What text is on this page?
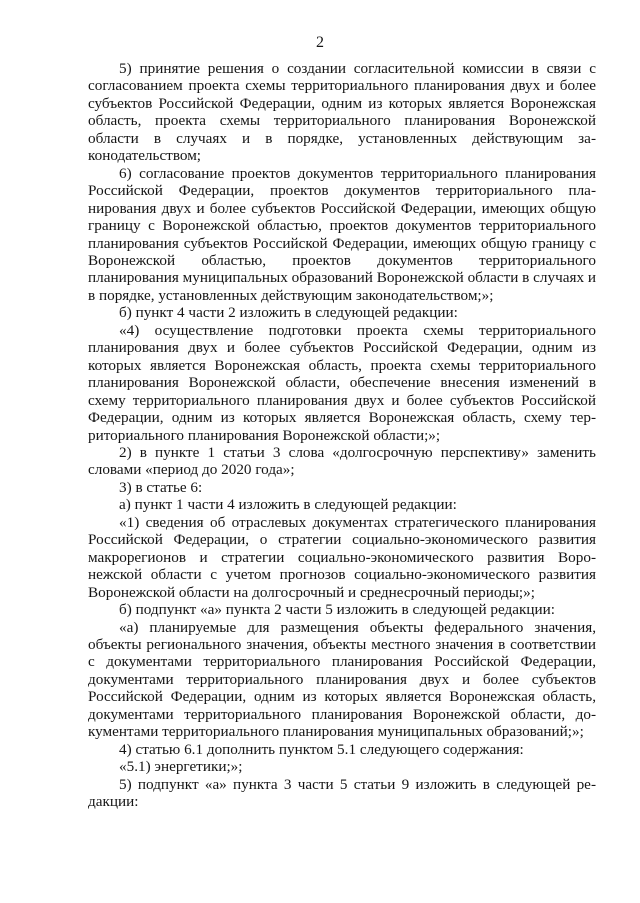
2

5) принятие решения о создании согласительной комиссии в связи с согласованием проекта схемы территориального планирования двух и более субъектов Российской Федерации, одним из которых является Воронежская область, проекта схемы территориального планирования Воронежской области в случаях и в порядке, установленных действующим законодательством;

6) согласование проектов документов территориального планирования Российской Федерации, проектов документов территориального планирования двух и более субъектов Российской Федерации, имеющих общую границу с Воронежской областью, проектов документов территориального планирования субъектов Российской Федерации, имеющих общую границу с Воронежской областью, проектов документов территориального планирования муниципальных образований Воронежской области в случаях и в порядке, установленных действующим законодательством;»;

б) пункт 4 части 2 изложить в следующей редакции:

«4) осуществление подготовки проекта схемы территориального планирования двух и более субъектов Российской Федерации, одним из которых является Воронежская область, проекта схемы территориального планирования Воронежской области, обеспечение внесения изменений в схему территориального планирования двух и более субъектов Российской Федерации, одним из которых является Воронежская область, схему территориального планирования Воронежской области;»;

2) в пункте 1 статьи 3 слова «долгосрочную перспективу» заменить словами «период до 2020 года»;

3) в статье 6:

а) пункт 1 части 4 изложить в следующей редакции:

«1) сведения об отраслевых документах стратегического планирования Российской Федерации, о стратегии социально-экономического развития макрорегионов и стратегии социально-экономического развития Воронежской области с учетом прогнозов социально-экономического развития Воронежской области на долгосрочный и среднесрочный периоды;»;

б) подпункт «а» пункта 2 части 5 изложить в следующей редакции:

«а) планируемые для размещения объекты федерального значения, объекты регионального значения, объекты местного значения в соответствии с документами территориального планирования Российской Федерации, документами территориального планирования двух и более субъектов Российской Федерации, одним из которых является Воронежская область, документами территориального планирования Воронежской области, документами территориального планирования муниципальных образований;»;

4) статью 6.1 дополнить пунктом 5.1 следующего содержания:

«5.1) энергетики;»;

5) подпункт «а» пункта 3 части 5 статьи 9 изложить в следующей редакции:
